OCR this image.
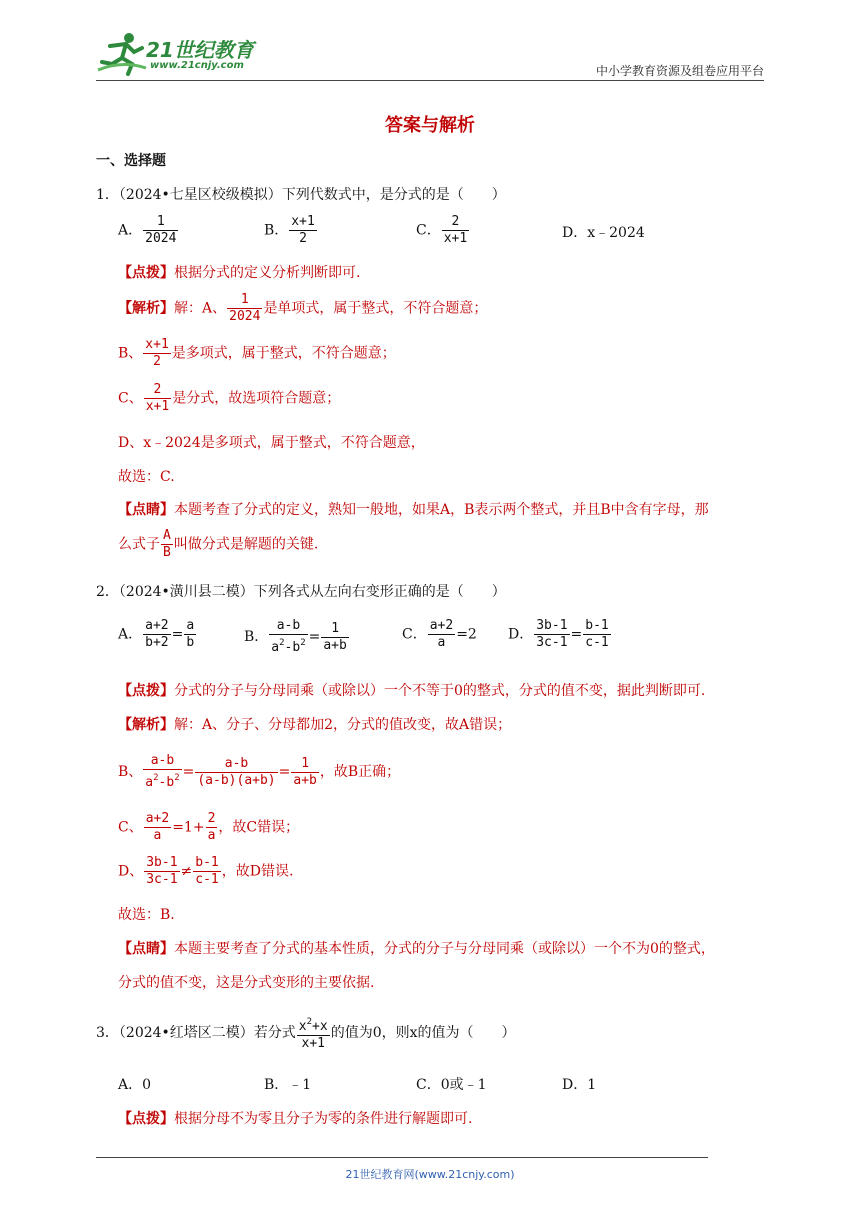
21世纪教育
www.21cnjy.com	中小学教育资源及组卷应用平台
答案与解析
一、选择题
1．（2024•七星区校级模拟）下列代数式中，是分式的是（　　）
A． $\frac{1}{2024}$	B． $\frac{x+1}{2}$	C． $\frac{2}{x+1}$	D．x﹣2024
【点拨】根据分式的定义分析判断即可.
【解析】解：A、 $\frac{1}{2024}$ 是单项式，属于整式，不符合题意；
B、 $\frac{x+1}{2}$ 是多项式，属于整式，不符合题意；
C、 $\frac{2}{x+1}$ 是分式，故选项符合题意；
D、x﹣2024是多项式，属于整式，不符合题意，
故选：C.
【点睛】本题考查了分式的定义，熟知一般地，如果A，B表示两个整式，并且B中含有字母，那
么式子 $\frac{A}{B}$ 叫做分式是解题的关键.
2．（2024•潢川县二模）下列各式从左向右变形正确的是（　　）
A． $\frac{a+2}{b+2} = \frac{a}{b}$	B． $\frac{a-b}{a^2-b^2} = \frac{1}{a+b}$	C． $\frac{a+2}{a} =2$ D． $\frac{3b-1}{3c-1} = \frac{b-1}{c-1}$
【点拨】分式的分子与分母同乘（或除以）一个不等于0的整式，分式的值不变，据此判断即可.
【解析】解：A、分子、分母都加2，分式的值改变，故A错误；
B、 $\frac{a-b}{a^2-b^2} = \frac{a-b}{(a-b)(a+b)} = \frac{1}{a+b}$ ，故B正确；
C、 $\frac{a+2}{a} =1+ \frac{2}{a}$ ，故C错误；
D、 $\frac{3b-1}{3c-1} \ne \frac{b-1}{c-1}$ ，故D错误.
故选：B.
【点睛】本题主要考查了分式的基本性质，分式的分子与分母同乘（或除以）一个不为0的整式，
分式的值不变，这是分式变形的主要依据.
3．（2024•红塔区二模）若分式 $\frac{x^2+x}{x+1}$ 的值为0，则x的值为（　　）
A．0	B．﹣1	C．0或﹣1	D．1
【点拨】根据分母不为零且分子为零的条件进行解题即可.
21世纪教育网(www.21cnjy.com)
